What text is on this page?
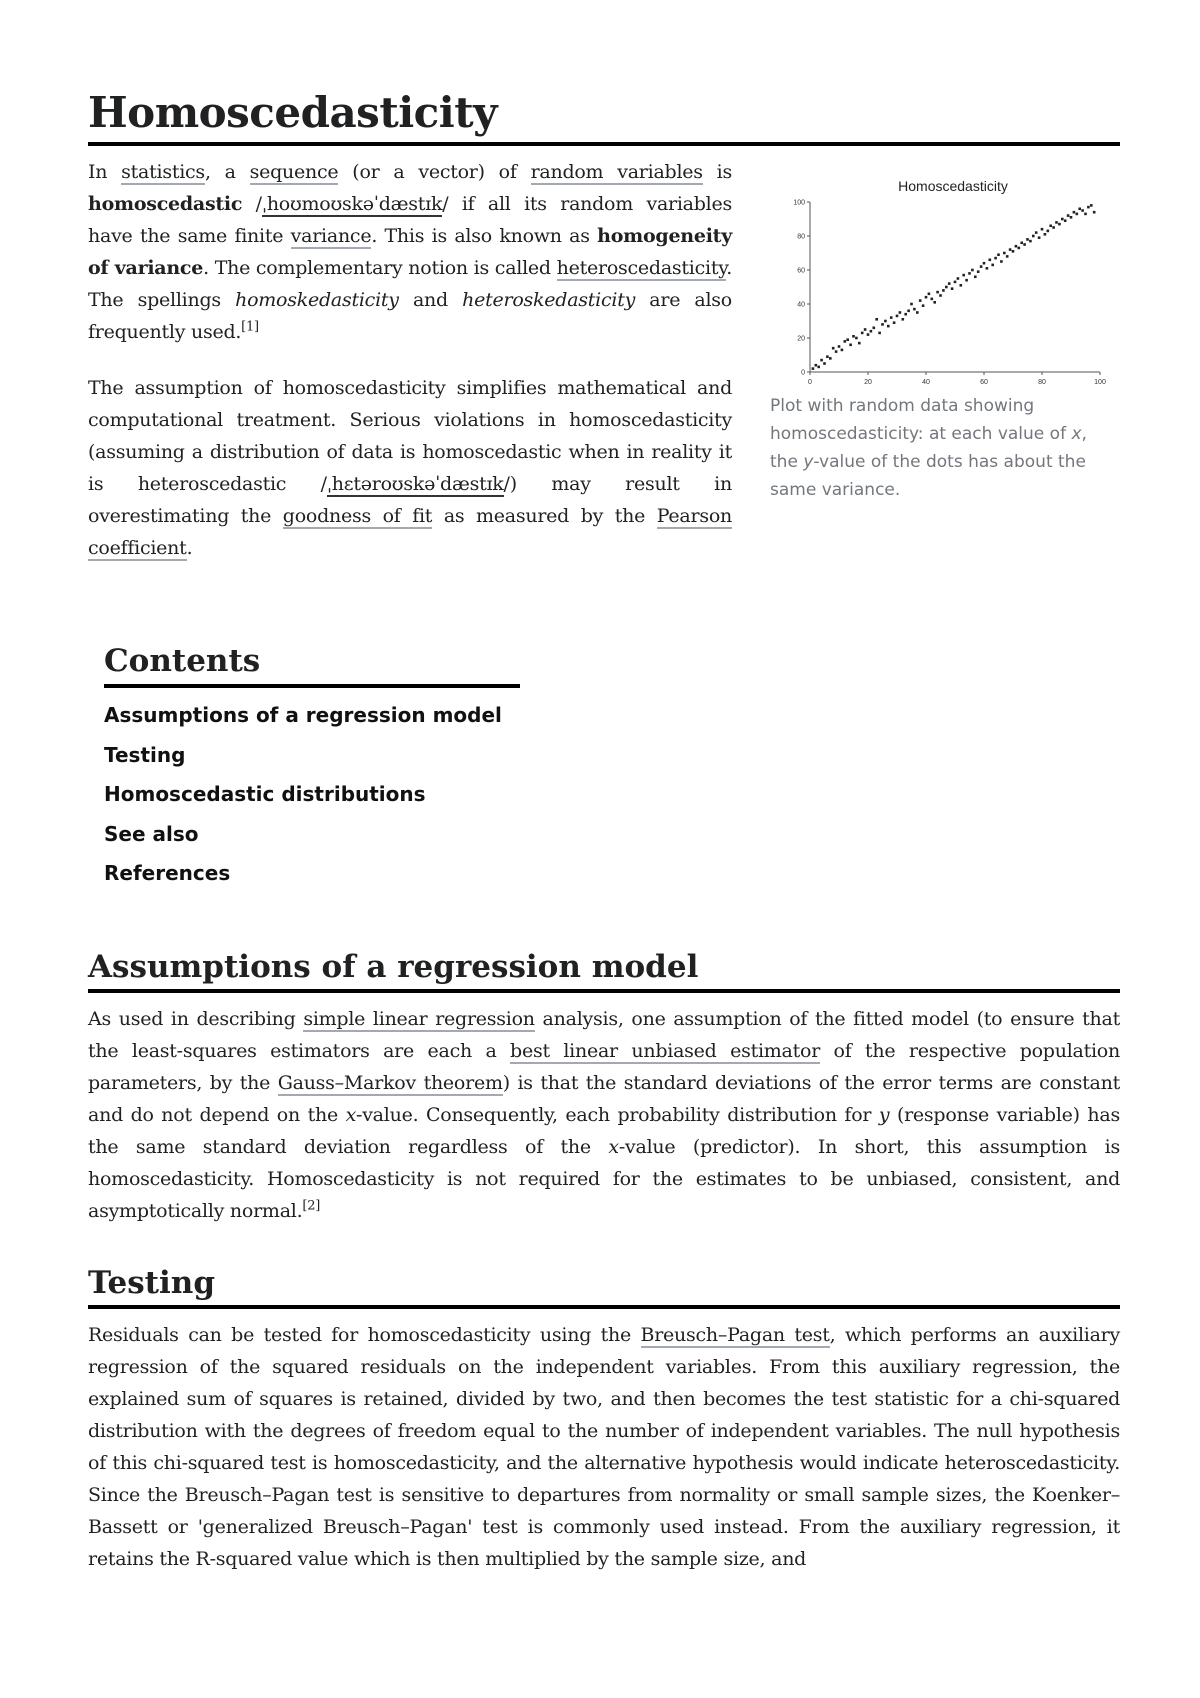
Homoscedasticity

In statistics, a sequence (or a vector) of random variables is homoscedastic /ˌhoʊmoʊskəˈdæstɪk/ if all its random variables have the same finite variance. This is also known as homogeneity of variance. The complementary notion is called heteroscedasticity. The spellings homoskedasticity and heteroskedasticity are also frequently used.[1]

The assumption of homoscedasticity simplifies mathematical and computational treatment. Serious violations in homoscedasticity (assuming a distribution of data is homoscedastic when in reality it is heteroscedastic /ˌhɛtəroʊskəˈdæstɪk/) may result in overestimating the goodness of fit as measured by the Pearson coefficient.

Homoscedasticity
0	20	40	60	80	100
0
20
40
60
80
100
Plot with random data showing homoscedasticity: at each value of x, the y-value of the dots has about the same variance.
Contents
Assumptions of a regression model
Testing
Homoscedastic distributions
See also
References
Assumptions of a regression model

As used in describing simple linear regression analysis, one assumption of the fitted model (to ensure that the least-squares estimators are each a best linear unbiased estimator of the respective population parameters, by the Gauss–Markov theorem) is that the standard deviations of the error terms are constant and do not depend on the x-value. Consequently, each probability distribution for y (response variable) has the same standard deviation regardless of the x-value (predictor). In short, this assumption is homoscedasticity. Homoscedasticity is not required for the estimates to be unbiased, consistent, and asymptotically normal.[2]

Testing

Residuals can be tested for homoscedasticity using the Breusch–Pagan test, which performs an auxiliary regression of the squared residuals on the independent variables. From this auxiliary regression, the explained sum of squares is retained, divided by two, and then becomes the test statistic for a chi-squared distribution with the degrees of freedom equal to the number of independent variables. The null hypothesis of this chi-squared test is homoscedasticity, and the alternative hypothesis would indicate heteroscedasticity. Since the Breusch–Pagan test is sensitive to departures from normality or small sample sizes, the Koenker–Bassett or 'generalized Breusch–Pagan' test is commonly used instead. From the auxiliary regression, it retains the R-squared value which is then multiplied by the sample size, and
